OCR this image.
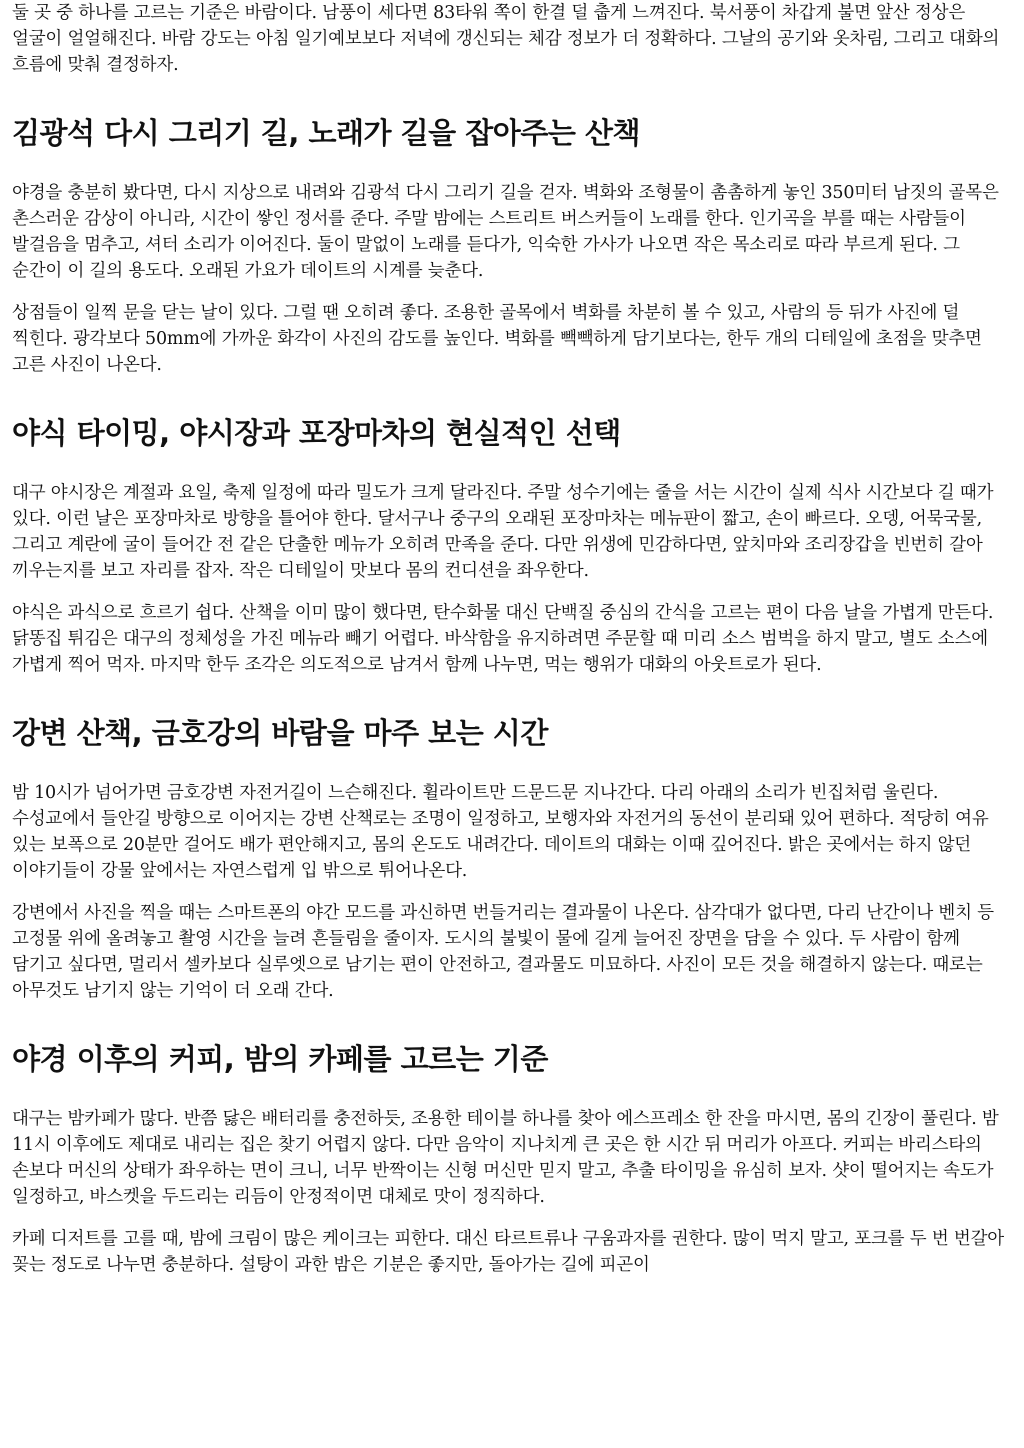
둘 곳 중 하나를 고르는 기준은 바람이다. 남풍이 세다면 83타워 쪽이 한결 덜 춥게 느껴진다. 북서풍이 차갑게 불면 앞산 정상은 얼굴이 얼얼해진다. 바람 강도는 아침 일기예보보다 저녁에 갱신되는 체감 정보가 더 정확하다. 그날의 공기와 옷차림, 그리고 대화의 흐름에 맞춰 결정하자.

김광석 다시 그리기 길, 노래가 길을 잡아주는 산책

야경을 충분히 봤다면, 다시 지상으로 내려와 김광석 다시 그리기 길을 걷자. 벽화와 조형물이 촘촘하게 놓인 350미터 남짓의 골목은 촌스러운 감상이 아니라, 시간이 쌓인 정서를 준다. 주말 밤에는 스트리트 버스커들이 노래를 한다. 인기곡을 부를 때는 사람들이 발걸음을 멈추고, 셔터 소리가 이어진다. 둘이 말없이 노래를 듣다가, 익숙한 가사가 나오면 작은 목소리로 따라 부르게 된다. 그 순간이 이 길의 용도다. 오래된 가요가 데이트의 시계를 늦춘다.

상점들이 일찍 문을 닫는 날이 있다. 그럴 땐 오히려 좋다. 조용한 골목에서 벽화를 차분히 볼 수 있고, 사람의 등 뒤가 사진에 덜 찍힌다. 광각보다 50mm에 가까운 화각이 사진의 감도를 높인다. 벽화를 빽빽하게 담기보다는, 한두 개의 디테일에 초점을 맞추면 고른 사진이 나온다.

야식 타이밍, 야시장과 포장마차의 현실적인 선택

대구 야시장은 계절과 요일, 축제 일정에 따라 밀도가 크게 달라진다. 주말 성수기에는 줄을 서는 시간이 실제 식사 시간보다 길 때가 있다. 이런 날은 포장마차로 방향을 틀어야 한다. 달서구나 중구의 오래된 포장마차는 메뉴판이 짧고, 손이 빠르다. 오뎅, 어묵국물, 그리고 계란에 굴이 들어간 전 같은 단출한 메뉴가 오히려 만족을 준다. 다만 위생에 민감하다면, 앞치마와 조리장갑을 빈번히 갈아 끼우는지를 보고 자리를 잡자. 작은 디테일이 맛보다 몸의 컨디션을 좌우한다.

야식은 과식으로 흐르기 쉽다. 산책을 이미 많이 했다면, 탄수화물 대신 단백질 중심의 간식을 고르는 편이 다음 날을 가볍게 만든다. 닭똥집 튀김은 대구의 정체성을 가진 메뉴라 빼기 어렵다. 바삭함을 유지하려면 주문할 때 미리 소스 범벅을 하지 말고, 별도 소스에 가볍게 찍어 먹자. 마지막 한두 조각은 의도적으로 남겨서 함께 나누면, 먹는 행위가 대화의 아웃트로가 된다.

강변 산책, 금호강의 바람을 마주 보는 시간

밤 10시가 넘어가면 금호강변 자전거길이 느슨해진다. 휠라이트만 드문드문 지나간다. 다리 아래의 소리가 빈집처럼 울린다. 수성교에서 들안길 방향으로 이어지는 강변 산책로는 조명이 일정하고, 보행자와 자전거의 동선이 분리돼 있어 편하다. 적당히 여유 있는 보폭으로 20분만 걸어도 배가 편안해지고, 몸의 온도도 내려간다. 데이트의 대화는 이때 깊어진다. 밝은 곳에서는 하지 않던 이야기들이 강물 앞에서는 자연스럽게 입 밖으로 튀어나온다.

강변에서 사진을 찍을 때는 스마트폰의 야간 모드를 과신하면 번들거리는 결과물이 나온다. 삼각대가 없다면, 다리 난간이나 벤치 등 고정물 위에 올려놓고 촬영 시간을 늘려 흔들림을 줄이자. 도시의 불빛이 물에 길게 늘어진 장면을 담을 수 있다. 두 사람이 함께 담기고 싶다면, 멀리서 셀카보다 실루엣으로 남기는 편이 안전하고, 결과물도 미묘하다. 사진이 모든 것을 해결하지 않는다. 때로는 아무것도 남기지 않는 기억이 더 오래 간다.

야경 이후의 커피, 밤의 카페를 고르는 기준

대구는 밤카페가 많다. 반쯤 닳은 배터리를 충전하듯, 조용한 테이블 하나를 찾아 에스프레소 한 잔을 마시면, 몸의 긴장이 풀린다. 밤 11시 이후에도 제대로 내리는 집은 찾기 어렵지 않다. 다만 음악이 지나치게 큰 곳은 한 시간 뒤 머리가 아프다. 커피는 바리스타의 손보다 머신의 상태가 좌우하는 면이 크니, 너무 반짝이는 신형 머신만 믿지 말고, 추출 타이밍을 유심히 보자. 샷이 떨어지는 속도가 일정하고, 바스켓을 두드리는 리듬이 안정적이면 대체로 맛이 정직하다.

카페 디저트를 고를 때, 밤에 크림이 많은 케이크는 피한다. 대신 타르트류나 구움과자를 권한다. 많이 먹지 말고, 포크를 두 번 번갈아 꽂는 정도로 나누면 충분하다. 설탕이 과한 밤은 기분은 좋지만, 돌아가는 길에 피곤이
